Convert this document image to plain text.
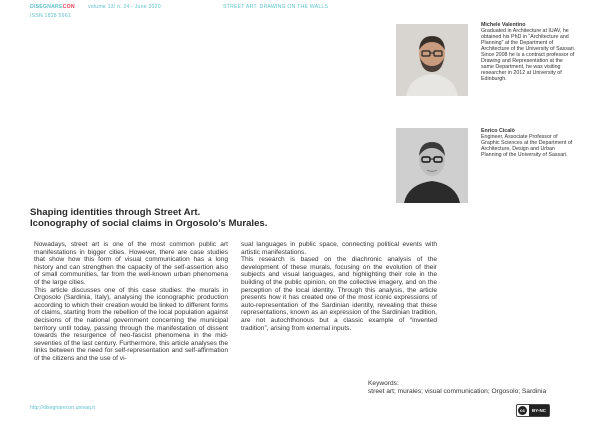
DISEGNARECON	volume 13/ n. 24 - June 2020	STREET ART. DRAWING ON THE WALLS
ISSN 1828 5961
Michele Valentino
Graduated in Architecture at IUAV, he obtained his PhD in “Architecture and Planning” at the Department of Architecture of the University of Sassari. Since 2008 he is a contract professor of Drawing and Representation at the same Department, he was visiting researcher in 2012 at University of Edinburgh.
Enrico Cicalò
Engineer, Associate Professor of Graphic Sciences at the Department of Architecture, Design and Urban Planning of the University of Sassari.
Shaping identities through Street Art.
Iconography of social claims in Orgosolo’s Murales.

Nowadays, street art is one of the most common public art manifestations in bigger cities. However, there are case studies that show how this form of visual communication has a long history and can strengthen the capacity of the self-assertion also of small communities, far from the well-known urban phenomena of the large cities.

This article discusses one of this case studies: the murals in Orgosolo (Sardinia, Italy), analysing the iconographic production according to which their creation would be linked to different forms of claims, starting from the rebellion of the local population against decisions of the national government concerning the municipal territory until today, passing through the manifestation of dissent towards the resurgence of neo-fascist phenomena in the mid-seventies of the last century. Furthermore, this article analyses the links between the need for self-representation and self-affirmation of the citizens and the use of vi-

sual languages in public space, connecting political events with artistic manifestations.

This research is based on the diachronic analysis of the development of these murals, focusing on the evolution of their subjects and visual languages, and highlighting their role in the building of the public opinion, on the collective imagery, and on the perception of the local identity. Through this analysis, the article presents how it has created one of the most iconic expressions of auto-representation of the Sardinian identity, revealing that these representations, known as an expression of the Sardinian tradition, are not autochthonous but a classic example of “invented tradition”, arising from external inputs.

Keywords:
street art; murales; visual communication; Orgosolo; Sardinia
http://disegnarecon.univaq.it	cc	BY-NC
